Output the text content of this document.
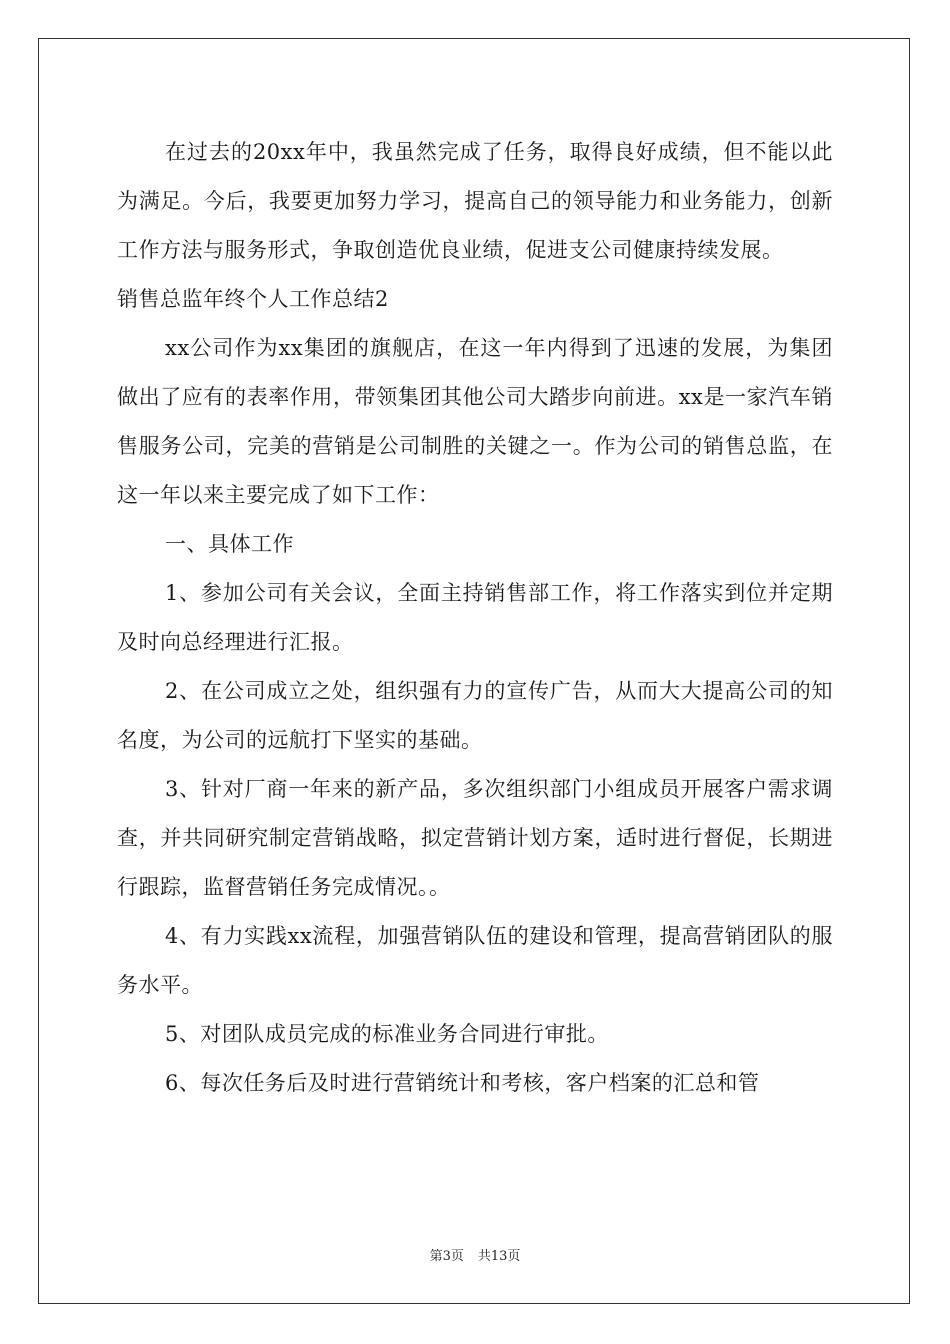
在过去的20xx年中，我虽然完成了任务，取得良好成绩，但不能以此为满足。今后，我要更加努力学习，提高自己的领导能力和业务能力，创新工作方法与服务形式，争取创造优良业绩，促进支公司健康持续发展。

销售总监年终个人工作总结2

xx公司作为xx集团的旗舰店，在这一年内得到了迅速的发展，为集团做出了应有的表率作用，带领集团其他公司大踏步向前进。xx是一家汽车销售服务公司，完美的营销是公司制胜的关键之一。作为公司的销售总监，在这一年以来主要完成了如下工作：

一、具体工作

1、参加公司有关会议，全面主持销售部工作，将工作落实到位并定期及时向总经理进行汇报。

2、在公司成立之处，组织强有力的宣传广告，从而大大提高公司的知名度，为公司的远航打下坚实的基础。

3、针对厂商一年来的新产品，多次组织部门小组成员开展客户需求调查，并共同研究制定营销战略，拟定营销计划方案，适时进行督促，长期进行跟踪，监督营销任务完成情况。。

4、有力实践xx流程，加强营销队伍的建设和管理，提高营销团队的服务水平。

5、对团队成员完成的标准业务合同进行审批。

6、每次任务后及时进行营销统计和考核，客户档案的汇总和管

第3页 共13页
